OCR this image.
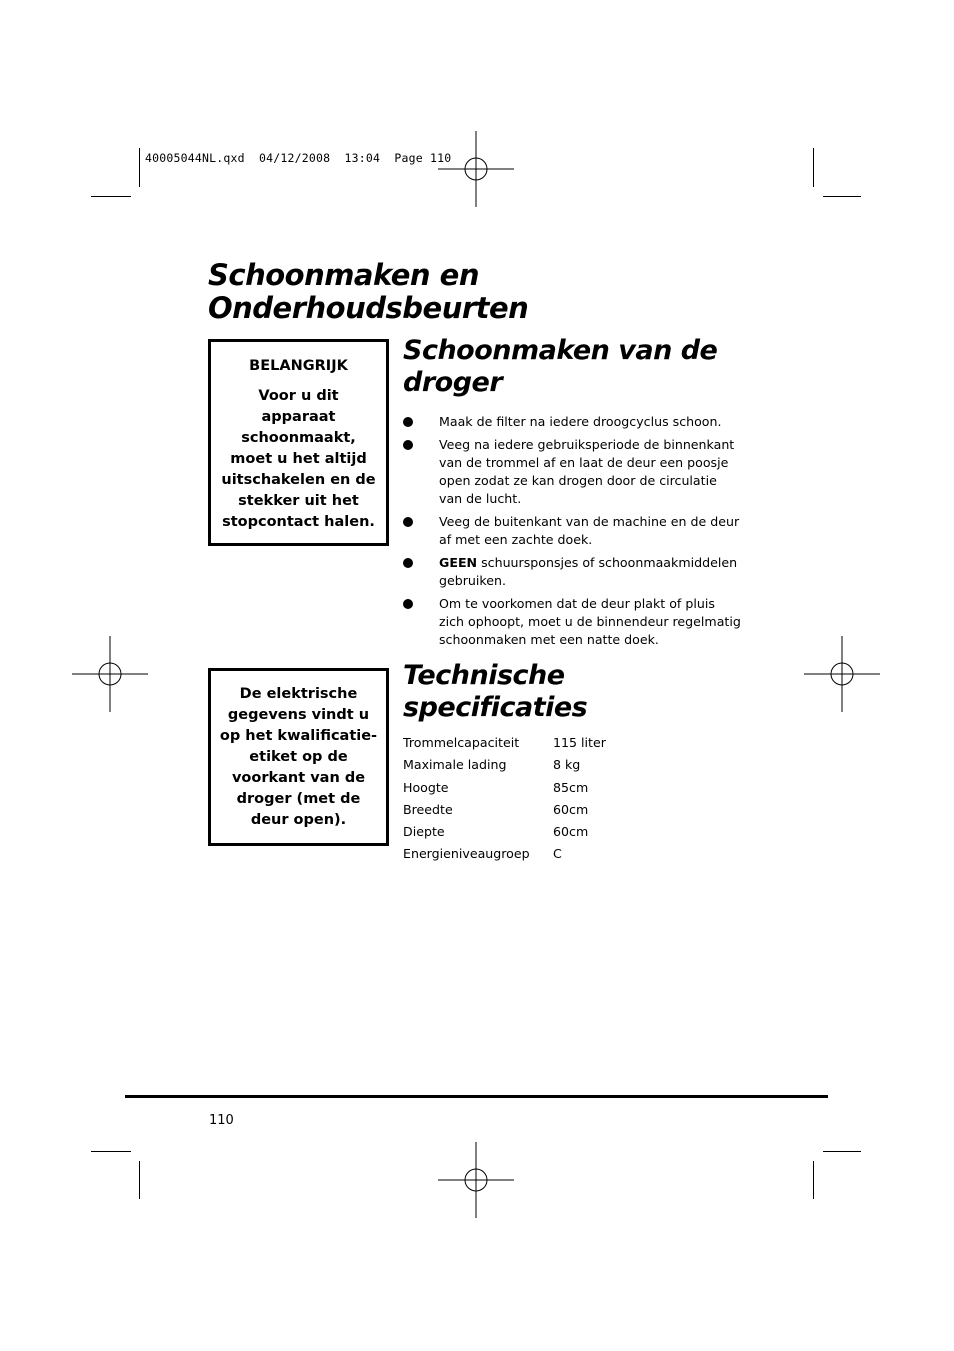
40005044NL.qxd  04/12/2008  13:04  Page 110
Schoonmaken en
Onderhoudsbeurten
BELANGRIJK
Voor u dit
apparaat
schoonmaakt,
moet u het altijd
uitschakelen en de
stekker uit het
stopcontact halen.
Schoonmaken van de
droger
Maak de filter na iedere droogcyclus schoon.
Veeg na iedere gebruiksperiode de binnenkant van de trommel af en laat de deur een poosje open zodat ze kan drogen door de circulatie van de lucht.
Veeg de buitenkant van de machine en de deur af met een zachte doek.
GEEN schuursponsjes of schoonmaakmiddelen gebruiken.
Om te voorkomen dat de deur plakt of pluis zich ophoopt, moet u de binnendeur regelmatig schoonmaken met een natte doek.
De elektrische
gegevens vindt u
op het kwalificatie-
etiket op de
voorkant van de
droger (met de
deur open).
Technische specificaties
Trommelcapaciteit	115 liter
Maximale lading	8 kg
Hoogte	85cm
Breedte	60cm
Diepte	60cm
Energieniveaugroep	C
110
